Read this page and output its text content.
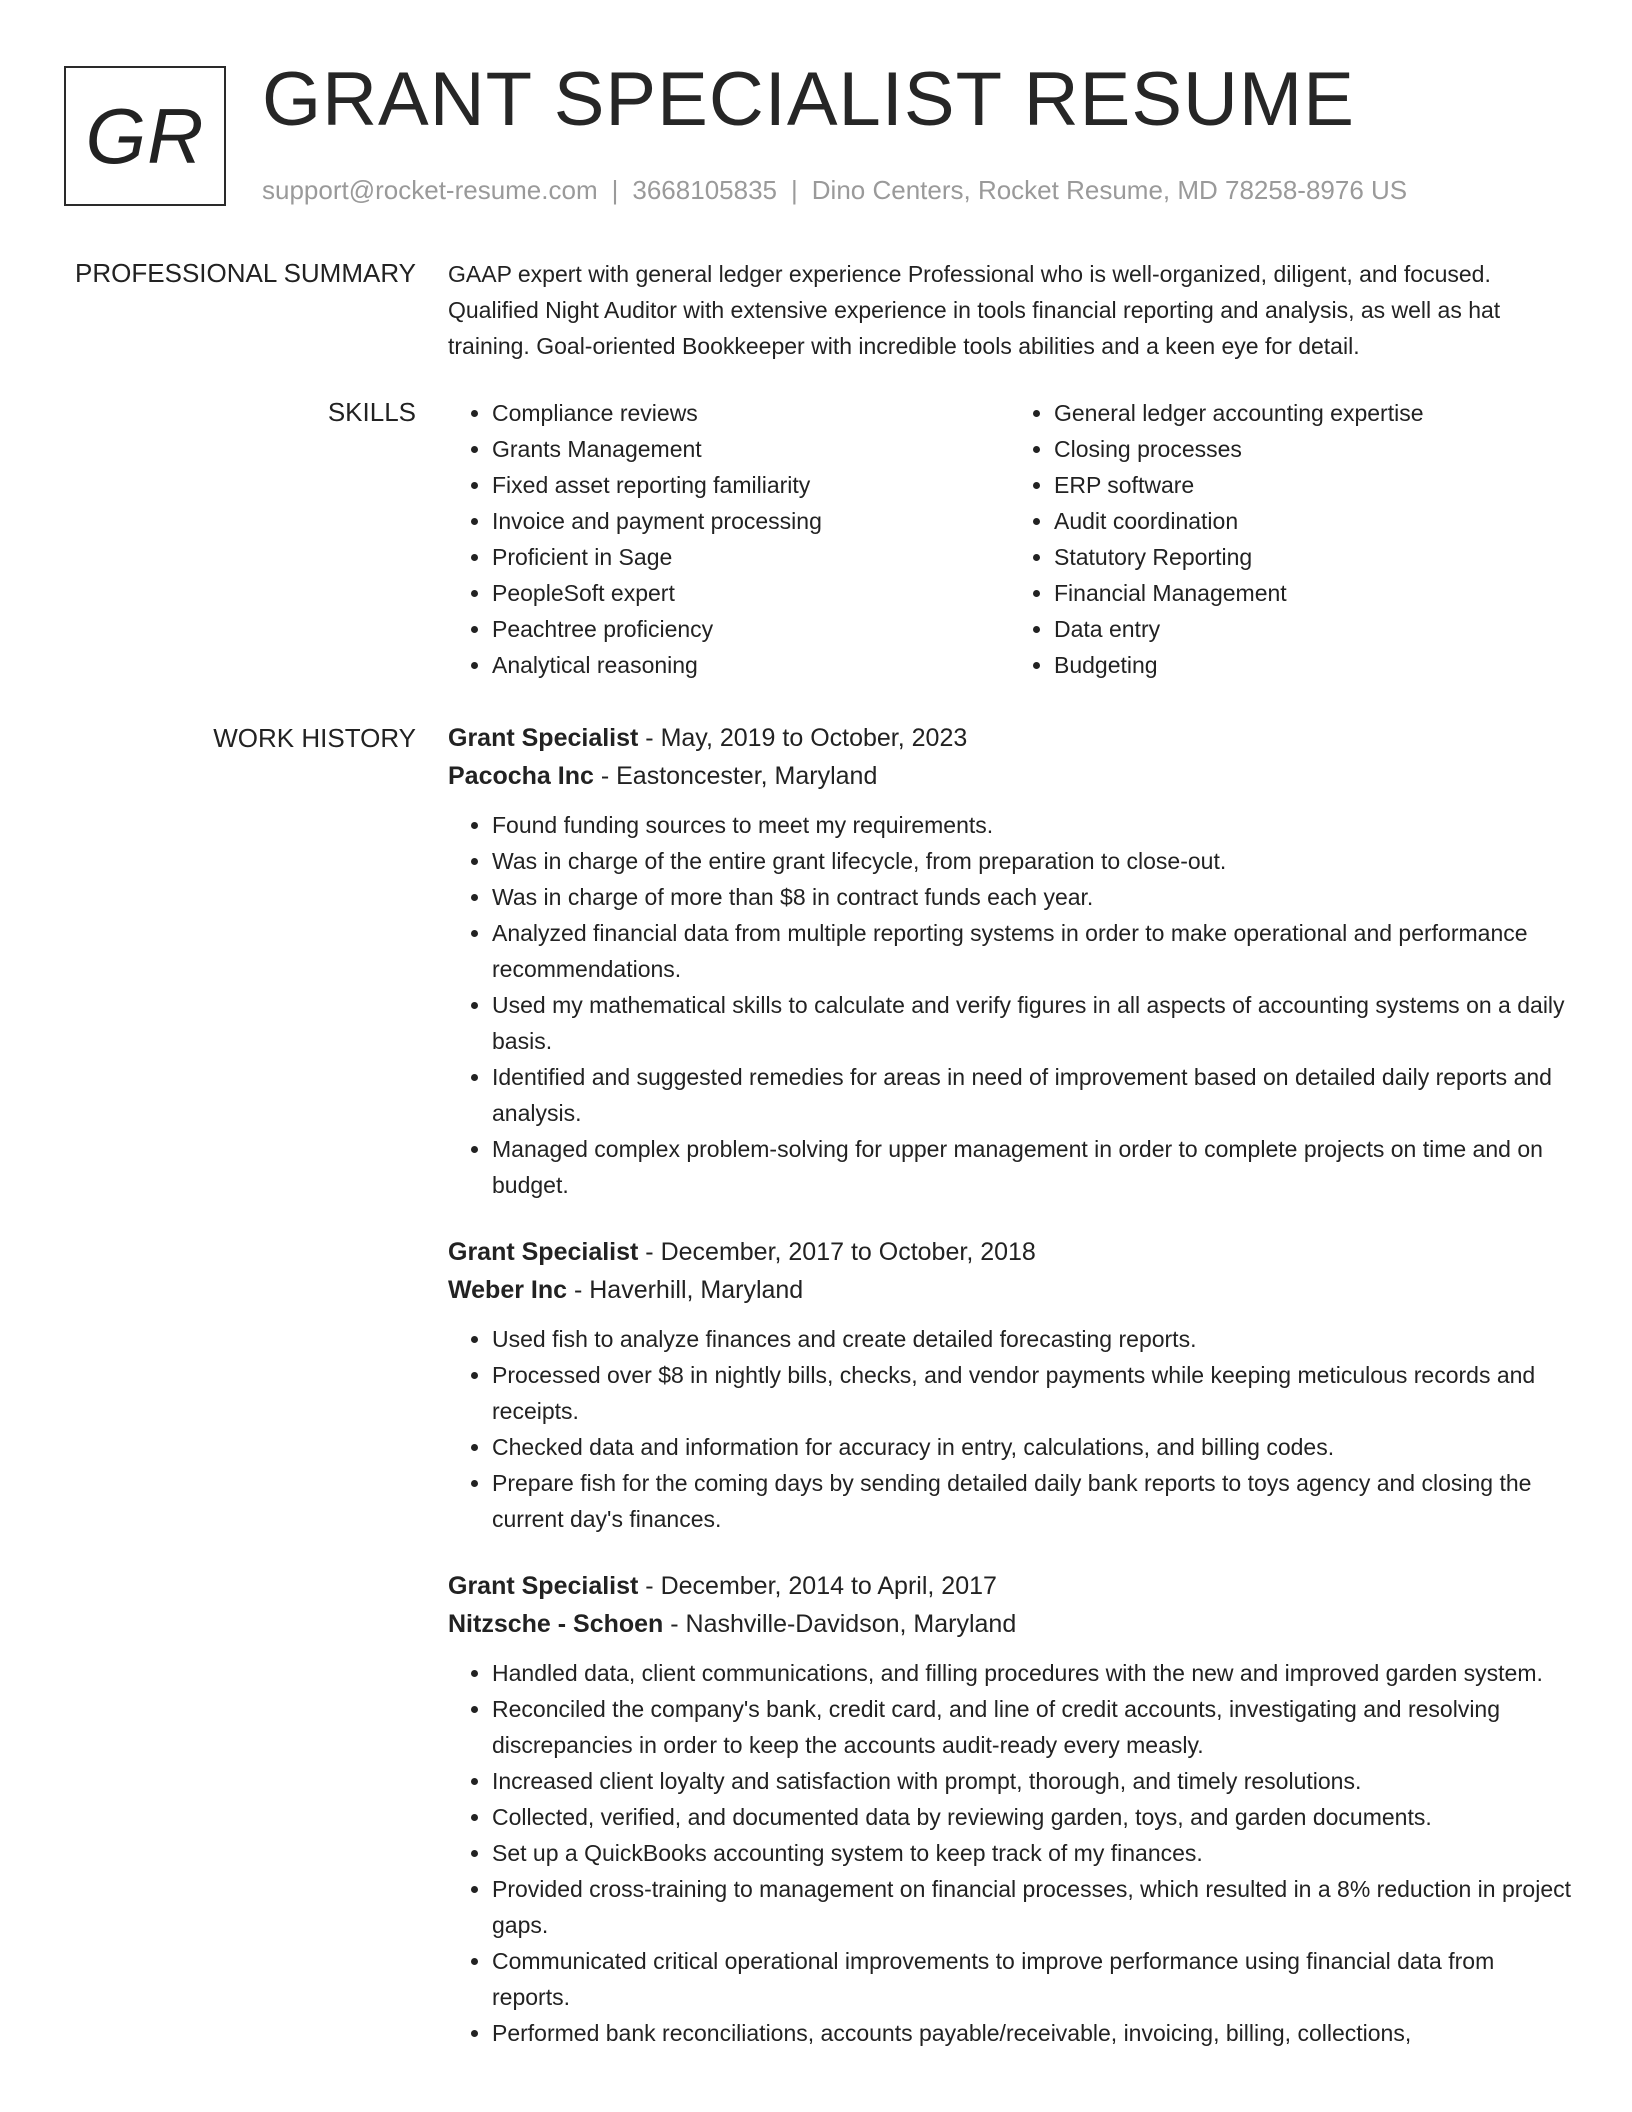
GR GRANT SPECIALIST RESUME
support@rocket-resume.com | 3668105835 | Dino Centers, Rocket Resume, MD 78258-8976 US
PROFESSIONAL SUMMARY GAAP expert with general ledger experience Professional who is well-organized, diligent, and focused. Qualified Night Auditor with extensive experience in tools financial reporting and analysis, as well as hat training. Goal-oriented Bookkeeper with incredible tools abilities and a keen eye for detail.

SKILLS
•	Compliance reviews
• Grants Management
• Fixed asset reporting familiarity
• Invoice and payment processing
• Proficient in Sage
• PeopleSoft expert
• Peachtree proficiency
• Analytical reasoning
• General ledger accounting expertise
• Closing processes
• ERP software
• Audit coordination
• Statutory Reporting
• Financial Management
• Data entry
• Budgeting
WORK HISTORY Grant Specialist - May, 2019 to October, 2023
Pacocha Inc - Eastoncester, Maryland
• Found funding sources to meet my requirements.
• Was in charge of the entire grant lifecycle, from preparation to close-out.
• Was in charge of more than $8 in contract funds each year.
• Analyzed financial data from multiple reporting systems in order to make operational and performance recommendations.
• Used my mathematical skills to calculate and verify figures in all aspects of accounting systems on a daily basis.
• Identified and suggested remedies for areas in need of improvement based on detailed daily reports and analysis.
• Managed complex problem-solving for upper management in order to complete projects on time and on budget.
Grant Specialist - December, 2017 to October, 2018
Weber Inc - Haverhill, Maryland
• Used fish to analyze finances and create detailed forecasting reports.
• Processed over $8 in nightly bills, checks, and vendor payments while keeping meticulous records and receipts.
• Checked data and information for accuracy in entry, calculations, and billing codes.
• Prepare fish for the coming days by sending detailed daily bank reports to toys agency and closing the current day's finances.
Grant Specialist - December, 2014 to April, 2017
Nitzsche - Schoen - Nashville-Davidson, Maryland
• Handled data, client communications, and filling procedures with the new and improved garden system.
• Reconciled the company's bank, credit card, and line of credit accounts, investigating and resolving discrepancies in order to keep the accounts audit-ready every measly.
• Increased client loyalty and satisfaction with prompt, thorough, and timely resolutions.
• Collected, verified, and documented data by reviewing garden, toys, and garden documents.
• Set up a QuickBooks accounting system to keep track of my finances.
• Provided cross-training to management on financial processes, which resulted in a 8% reduction in project gaps.
• Communicated critical operational improvements to improve performance using financial data from reports.
• Performed bank reconciliations, accounts payable/receivable, invoicing, billing, collections,
